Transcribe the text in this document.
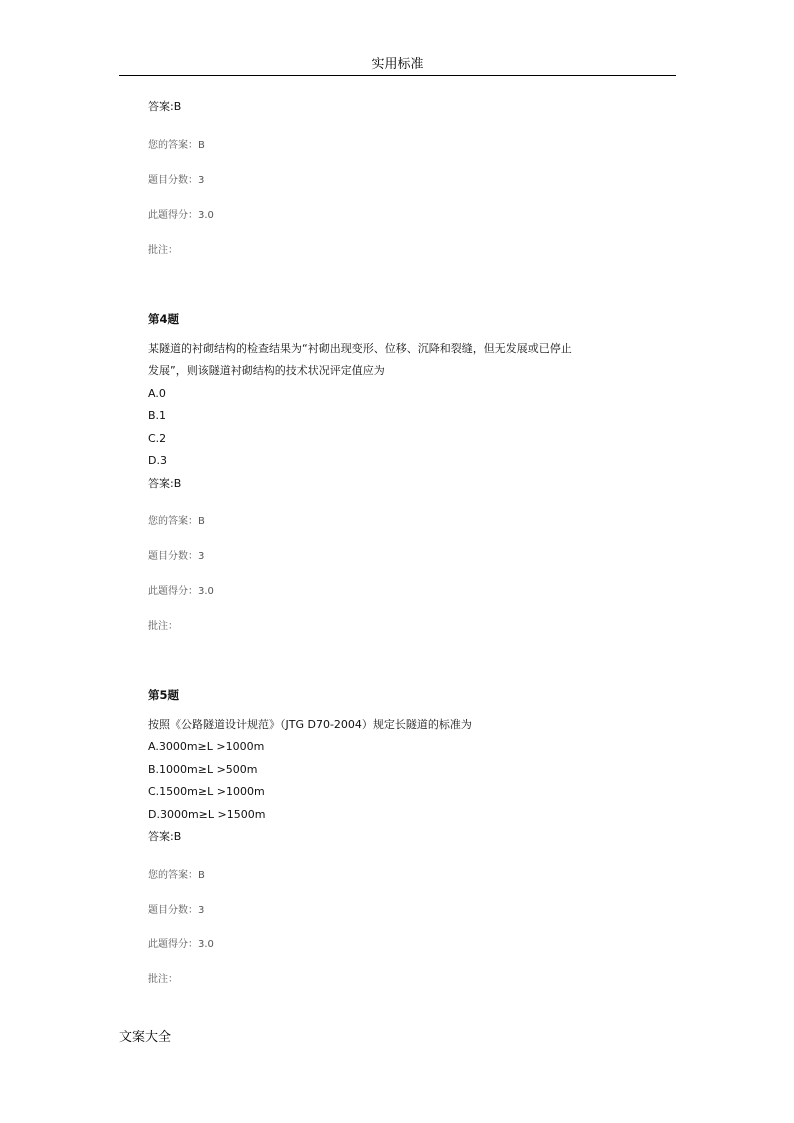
实用标准
答案:B
您的答案：B
题目分数：3
此题得分：3.0
批注：
第4题
某隧道的衬砌结构的检查结果为“衬砌出现变形、位移、沉降和裂缝，但无发展或已停止
发展”，则该隧道衬砌结构的技术状况评定值应为
A.0
B.1
C.2
D.3
答案:B
您的答案：B
题目分数：3
此题得分：3.0
批注：
第5题
按照《公路隧道设计规范》（JTG D70-2004）规定长隧道的标准为
A.3000m≥L >1000m
B.1000m≥L >500m
C.1500m≥L >1000m
D.3000m≥L >1500m
答案:B
您的答案：B
题目分数：3
此题得分：3.0
批注：
文案大全
